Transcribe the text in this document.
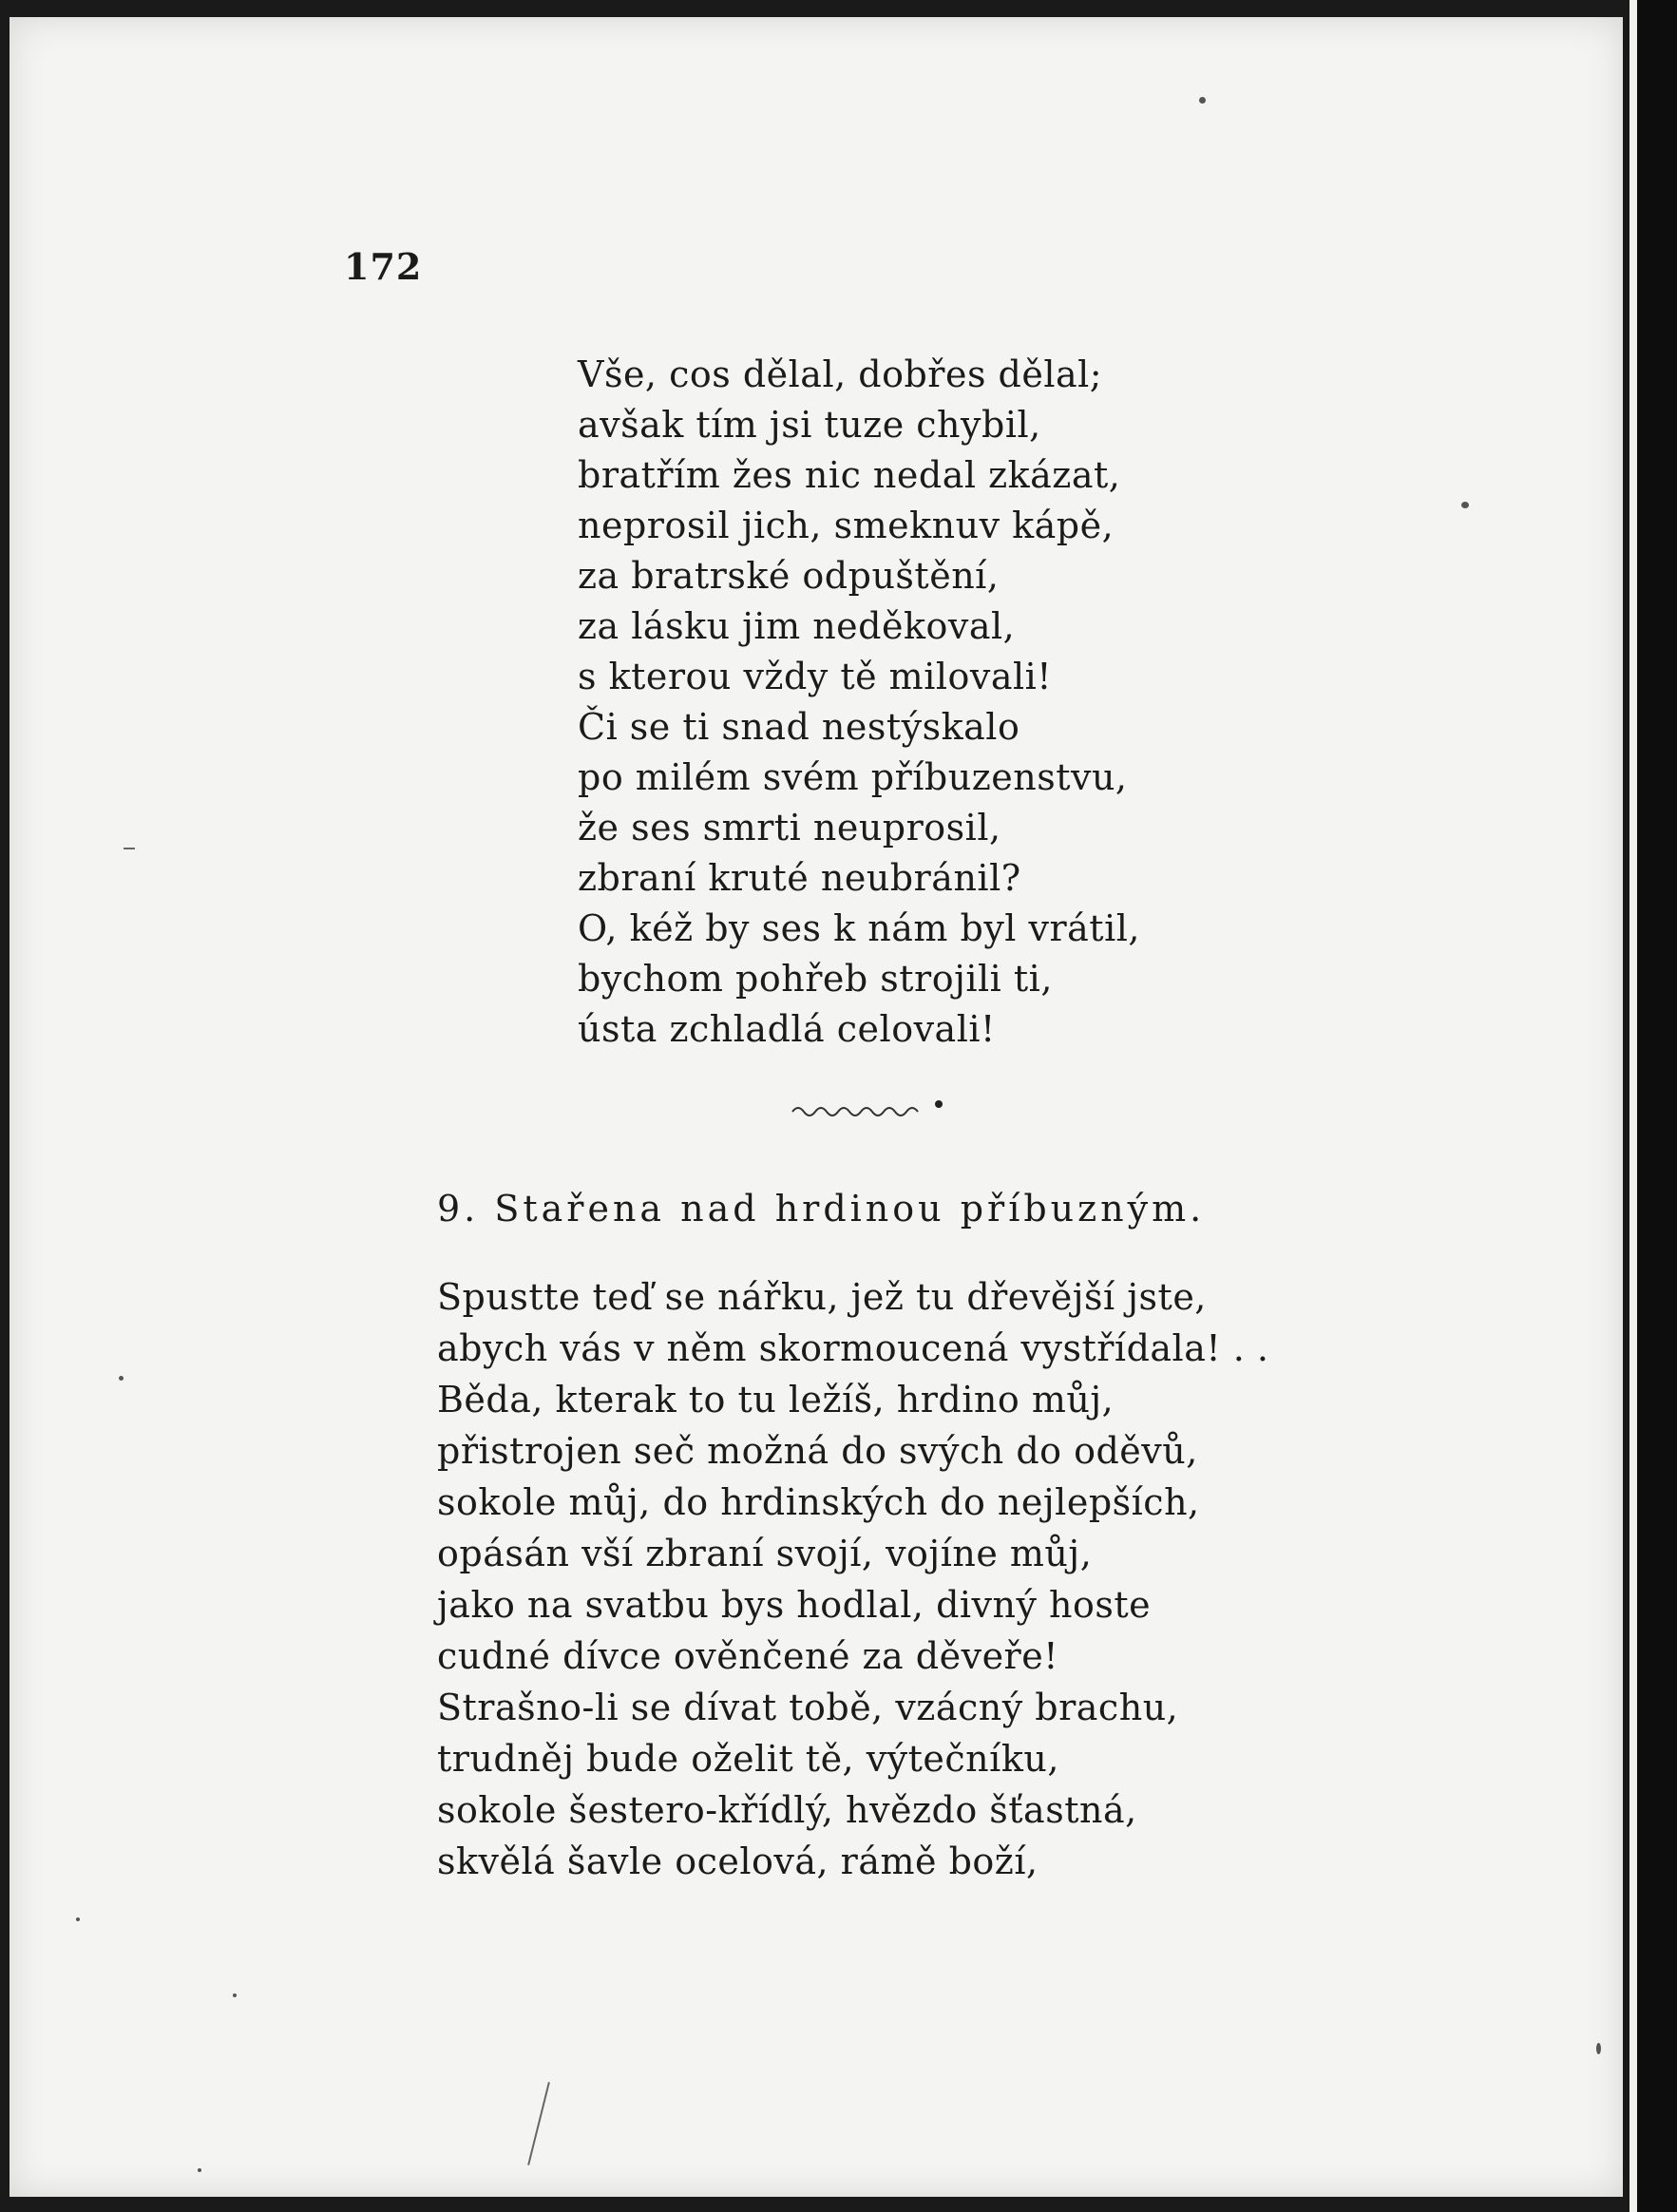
172
Vše, cos dělal, dobřes dělal;
avšak tím jsi tuze chybil,
bratřím žes nic nedal zkázat,
neprosil jich, smeknuv kápě,
za bratrské odpuštění,
za lásku jim neděkoval,
s kterou vždy tě milovali!
Či se ti snad nestýskalo
po milém svém příbuzenstvu,
že ses smrti neuprosil,
zbraní kruté neubránil?
O, kéž by ses k nám byl vrátil,
bychom pohřeb strojili ti,
ústa zchladlá celovali!
9. Stařena nad hrdinou příbuzným.
Spustte teď se nářku, jež tu dřevější jste,
abych vás v něm skormoucená vystřídala! . .
Běda, kterak to tu ležíš, hrdino můj,
přistrojen seč možná do svých do oděvů,
sokole můj, do hrdinských do nejlepších,
opásán vší zbraní svojí, vojíne můj,
jako na svatbu bys hodlal, divný hoste
cudné dívce ověnčené za děveře!
Strašno-li se dívat tobě, vzácný brachu,
trudněj bude oželit tě, výtečníku,
sokole šestero-křídlý, hvězdo šťastná,
skvělá šavle ocelová, rámě boží,
